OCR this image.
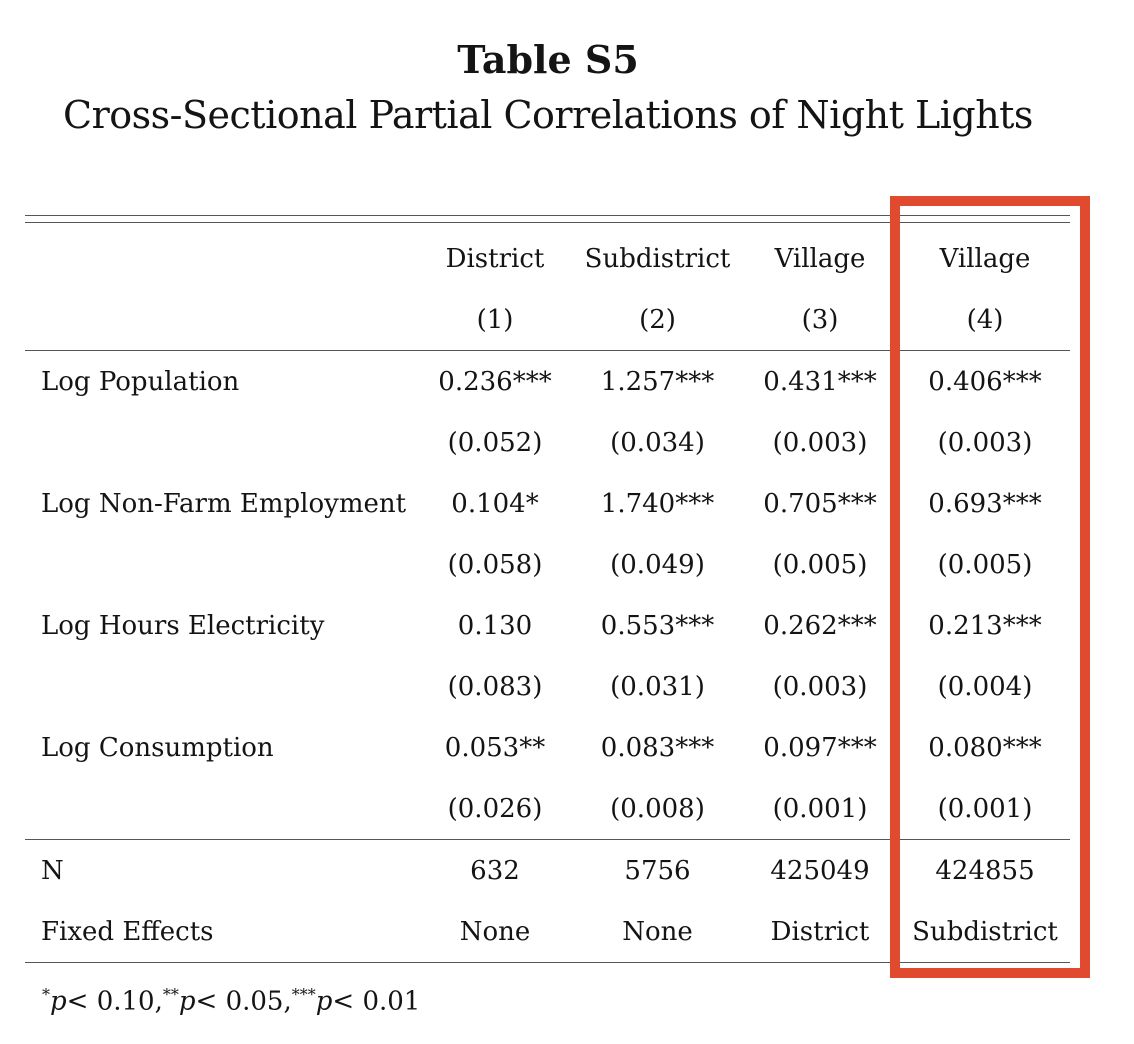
Table S5
Cross-Sectional Partial Correlations of Night Lights
	District	Subdistrict	Village	Village
	(1)	(2)	(3)	(4)
Log Population	0.236***	1.257***	0.431***	0.406***
	(0.052)	(0.034)	(0.003)	(0.003)
Log Non-Farm Employment	0.104*	1.740***	0.705***	0.693***
	(0.058)	(0.049)	(0.005)	(0.005)
Log Hours Electricity	0.130	0.553***	0.262***	0.213***
	(0.083)	(0.031)	(0.003)	(0.004)
Log Consumption	0.053**	0.083***	0.097***	0.080***
	(0.026)	(0.008)	(0.001)	(0.001)
N	632	5756	425049	424855
Fixed Effects	None	None	District	Subdistrict
*p< 0.10,**p< 0.05,***p< 0.01
